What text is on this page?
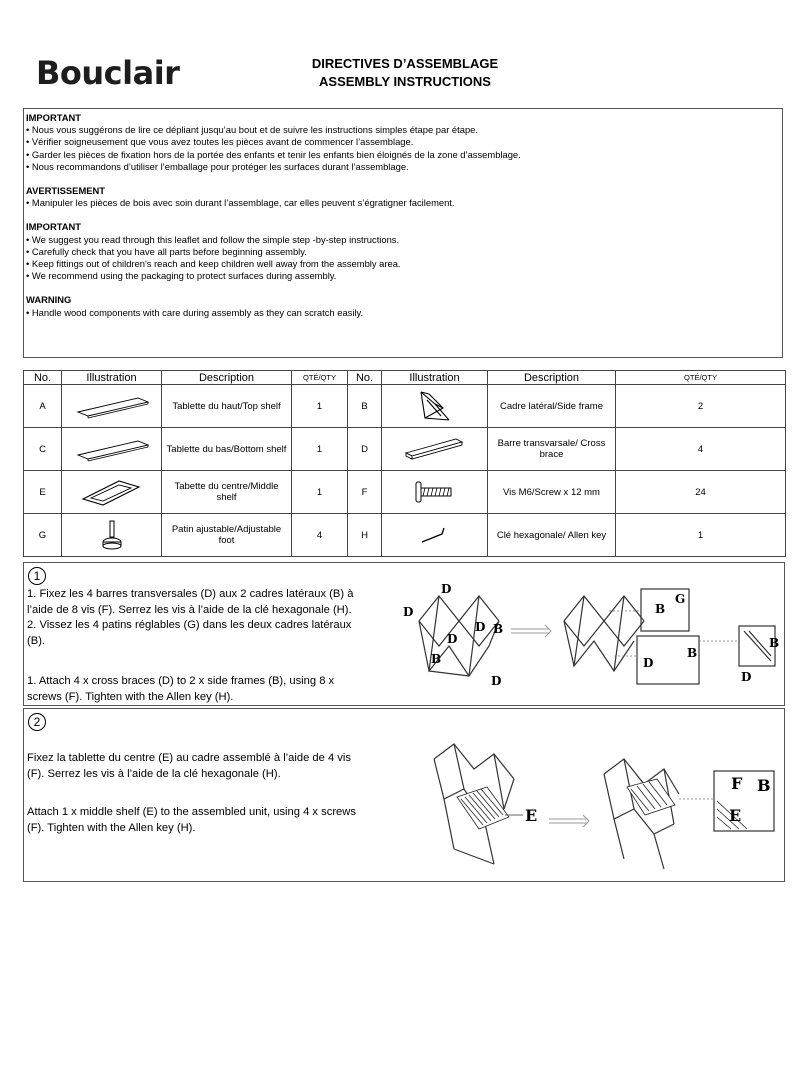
Bouclair	DIRECTIVES D’ASSEMBLAGE
ASSEMBLY INSTRUCTIONS
IMPORTANT
• Nous vous suggérons de lire ce dépliant jusqu’au bout et de suivre les instructions simples étape par étape.
• Vérifier soigneusement que vous avez toutes les pièces avant de commencer l’assemblage.
• Garder les pièces de fixation hors de la portée des enfants et tenir les enfants bien éloignés de la zone d’assemblage.
• Nous recommandons d’utiliser l’emballage pour protéger les surfaces durant l’assemblage.
AVERTISSEMENT
• Manipuler les pièces de bois avec soin durant l’assemblage, car elles peuvent s’égratigner facilement.
IMPORTANT
• We suggest you read through this leaflet and follow the simple step -by-step instructions.
• Carefully check that you have all parts before beginning assembly.
• Keep fittings out of children's reach and keep children well away from the assembly area.
• We recommend using the packaging to protect surfaces during assembly.
WARNING
• Handle wood components with care during assembly as they can scratch easily.
No.	Illustration	Description	QTÉ/QTY	No.	Illustration	Description	QTÉ/QTY
A		Tablette du haut/Top shelf	1	B		Cadre latéral/Side frame	2
C		Tablette du bas/Bottom shelf	1	D		Barre transvarsale/ Cross brace	4
E		Tabette du centre/Middle shelf	1	F		Vis M6/Screw x 12 mm	24
G		Patin ajustable/Adjustable foot	4	H		Clé hexagonale/ Allen key	1
1
1. Fixez les 4 barres transversales (D) aux 2 cadres latéraux (B) à
l’aide de 8 vis (F). Serrez les vis à l’aide de la clé hexagonale (H).
2. Vissez les 4 patins réglables (G) dans les deux cadres latéraux
(B).
1. Attach 4 x cross braces (D) to 2 x side frames (B), using 8 x
screws (F). Tighten with the Allen key (H).
D
D
D
D B
B
D
B
G
D
B
B
D
2
Fixez la tablette du centre (E) au cadre assemblé à l’aide de 4 vis
(F). Serrez les vis à l’aide de la clé hexagonale (H).
Attach 1 x middle shelf (E) to the assembled unit, using 4 x screws
(F). Tighten with the Allen key (H).
E
F B
E
